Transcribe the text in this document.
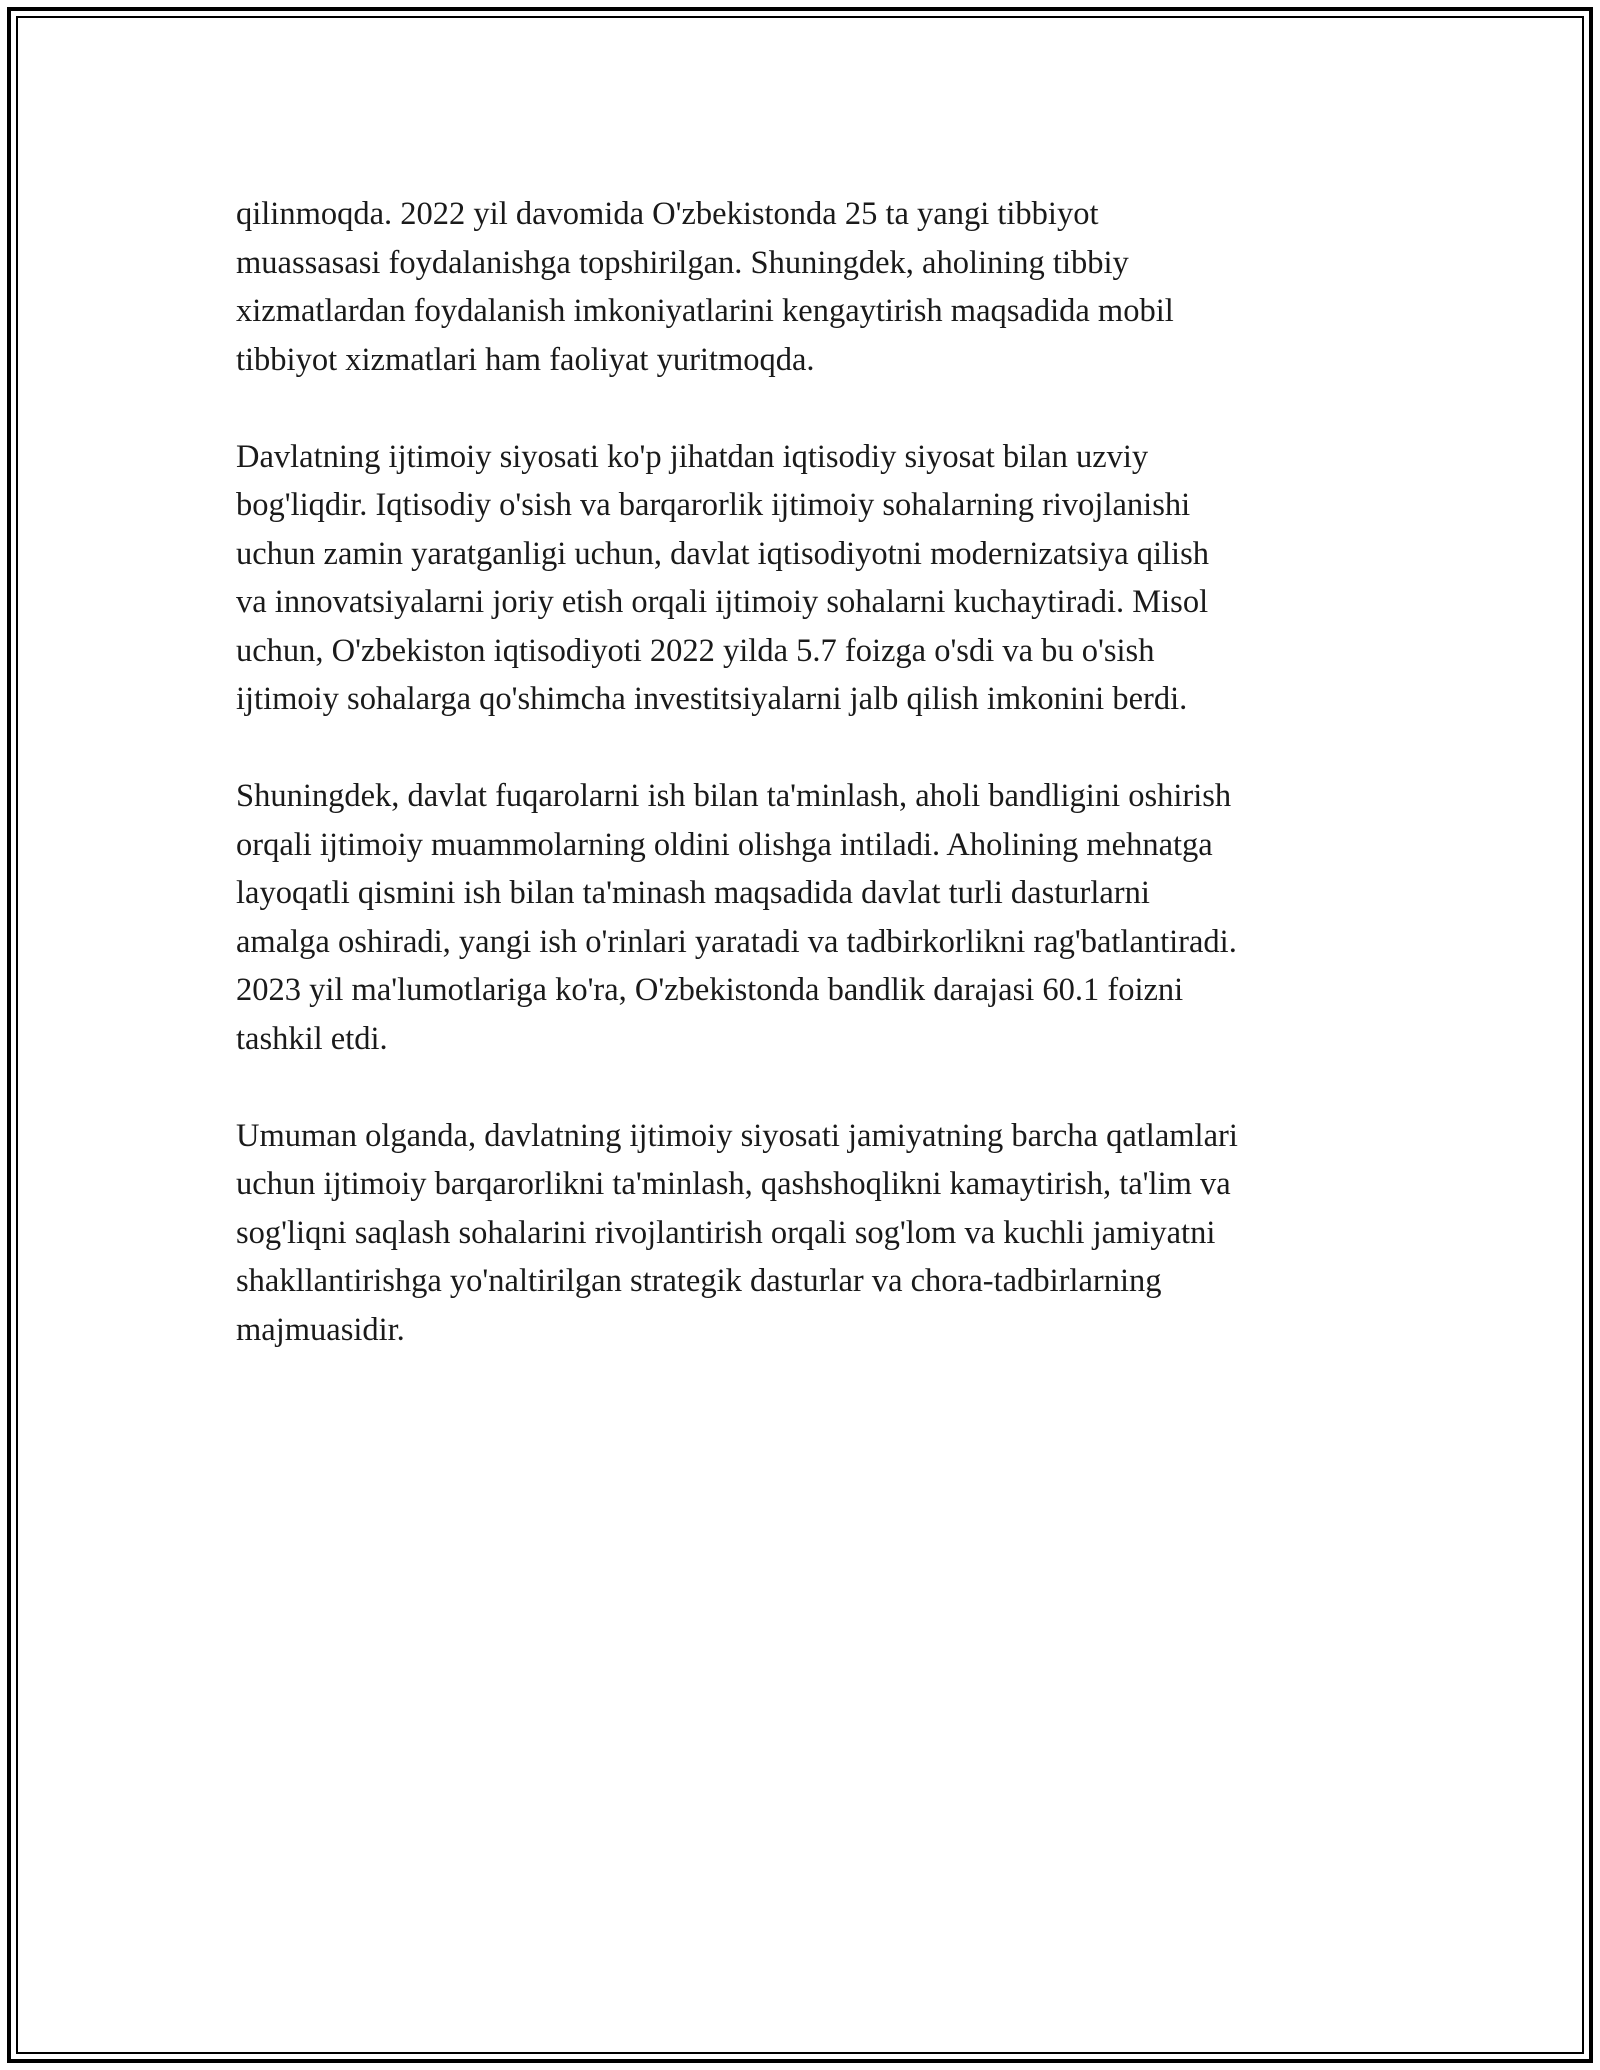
qilinmoqda. 2022 yil davomida O'zbekistonda 25 ta yangi tibbiyot
muassasasi foydalanishga topshirilgan. Shuningdek, aholining tibbiy
xizmatlardan foydalanish imkoniyatlarini kengaytirish maqsadida mobil
tibbiyot xizmatlari ham faoliyat yuritmoqda.

Davlatning ijtimoiy siyosati ko'p jihatdan iqtisodiy siyosat bilan uzviy
bog'liqdir. Iqtisodiy o'sish va barqarorlik ijtimoiy sohalarning rivojlanishi
uchun zamin yaratganligi uchun, davlat iqtisodiyotni modernizatsiya qilish
va innovatsiyalarni joriy etish orqali ijtimoiy sohalarni kuchaytiradi. Misol
uchun, O'zbekiston iqtisodiyoti 2022 yilda 5.7 foizga o'sdi va bu o'sish
ijtimoiy sohalarga qo'shimcha investitsiyalarni jalb qilish imkonini berdi.

Shuningdek, davlat fuqarolarni ish bilan ta'minlash, aholi bandligini oshirish
orqali ijtimoiy muammolarning oldini olishga intiladi. Aholining mehnatga
layoqatli qismini ish bilan ta'minash maqsadida davlat turli dasturlarni
amalga oshiradi, yangi ish o'rinlari yaratadi va tadbirkorlikni rag'batlantiradi.
2023 yil ma'lumotlariga ko'ra, O'zbekistonda bandlik darajasi 60.1 foizni
tashkil etdi.

Umuman olganda, davlatning ijtimoiy siyosati jamiyatning barcha qatlamlari
uchun ijtimoiy barqarorlikni ta'minlash, qashshoqlikni kamaytirish, ta'lim va
sog'liqni saqlash sohalarini rivojlantirish orqali sog'lom va kuchli jamiyatni
shakllantirishga yo'naltirilgan strategik dasturlar va chora-tadbirlarning
majmuasidir.
